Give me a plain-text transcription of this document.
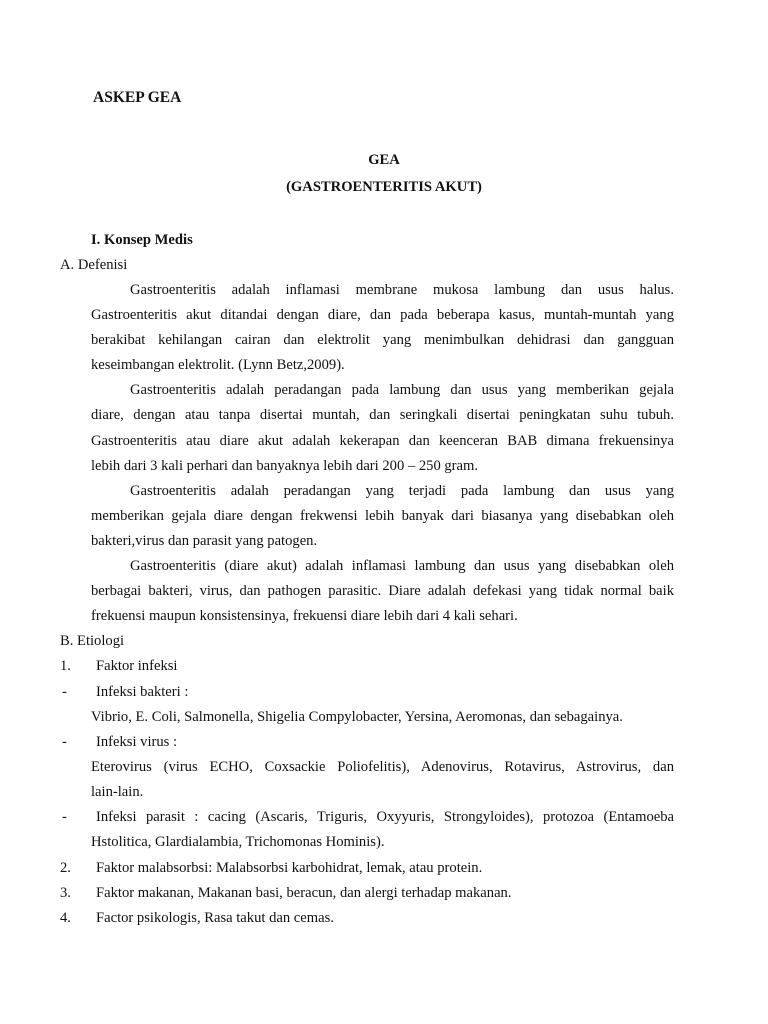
ASKEP GEA

GEA

(GASTROENTERITIS AKUT)

I. Konsep Medis

A. Defenisi

Gastroenteritis adalah inflamasi membrane mukosa lambung dan usus halus.

Gastroenteritis akut ditandai dengan diare, dan pada beberapa kasus, muntah-muntah yang

berakibat kehilangan cairan dan elektrolit yang menimbulkan dehidrasi dan gangguan

keseimbangan elektrolit. (Lynn Betz,2009).

Gastroenteritis adalah peradangan pada lambung dan usus yang memberikan gejala

diare, dengan atau tanpa disertai muntah, dan seringkali disertai peningkatan suhu tubuh.

Gastroenteritis atau diare akut adalah kekerapan dan keenceran BAB dimana frekuensinya

lebih dari 3 kali perhari dan banyaknya lebih dari 200 – 250 gram.

Gastroenteritis adalah peradangan yang terjadi pada lambung dan usus yang

memberikan gejala diare dengan frekwensi lebih banyak dari biasanya yang disebabkan oleh

bakteri,virus dan parasit yang patogen.

Gastroenteritis (diare akut) adalah inflamasi lambung dan usus yang disebabkan oleh

berbagai bakteri, virus, dan pathogen parasitic. Diare adalah defekasi yang tidak normal baik

frekuensi maupun konsistensinya, frekuensi diare lebih dari 4 kali sehari.

B. Etiologi

1. Faktor infeksi

- Infeksi bakteri :

Vibrio, E. Coli, Salmonella, Shigelia Compylobacter, Yersina, Aeromonas, dan sebagainya.

- Infeksi virus :

Eterovirus (virus ECHO, Coxsackie Poliofelitis), Adenovirus, Rotavirus, Astrovirus, dan

lain-lain.

- Infeksi parasit : cacing (Ascaris, Triguris, Oxyyuris, Strongyloides), protozoa (Entamoeba

Hstolitica, Glardialambia, Trichomonas Hominis).

2. Faktor malabsorbsi: Malabsorbsi karbohidrat, lemak, atau protein.

3. Faktor makanan, Makanan basi, beracun, dan alergi terhadap makanan.

4. Factor psikologis, Rasa takut dan cemas.
